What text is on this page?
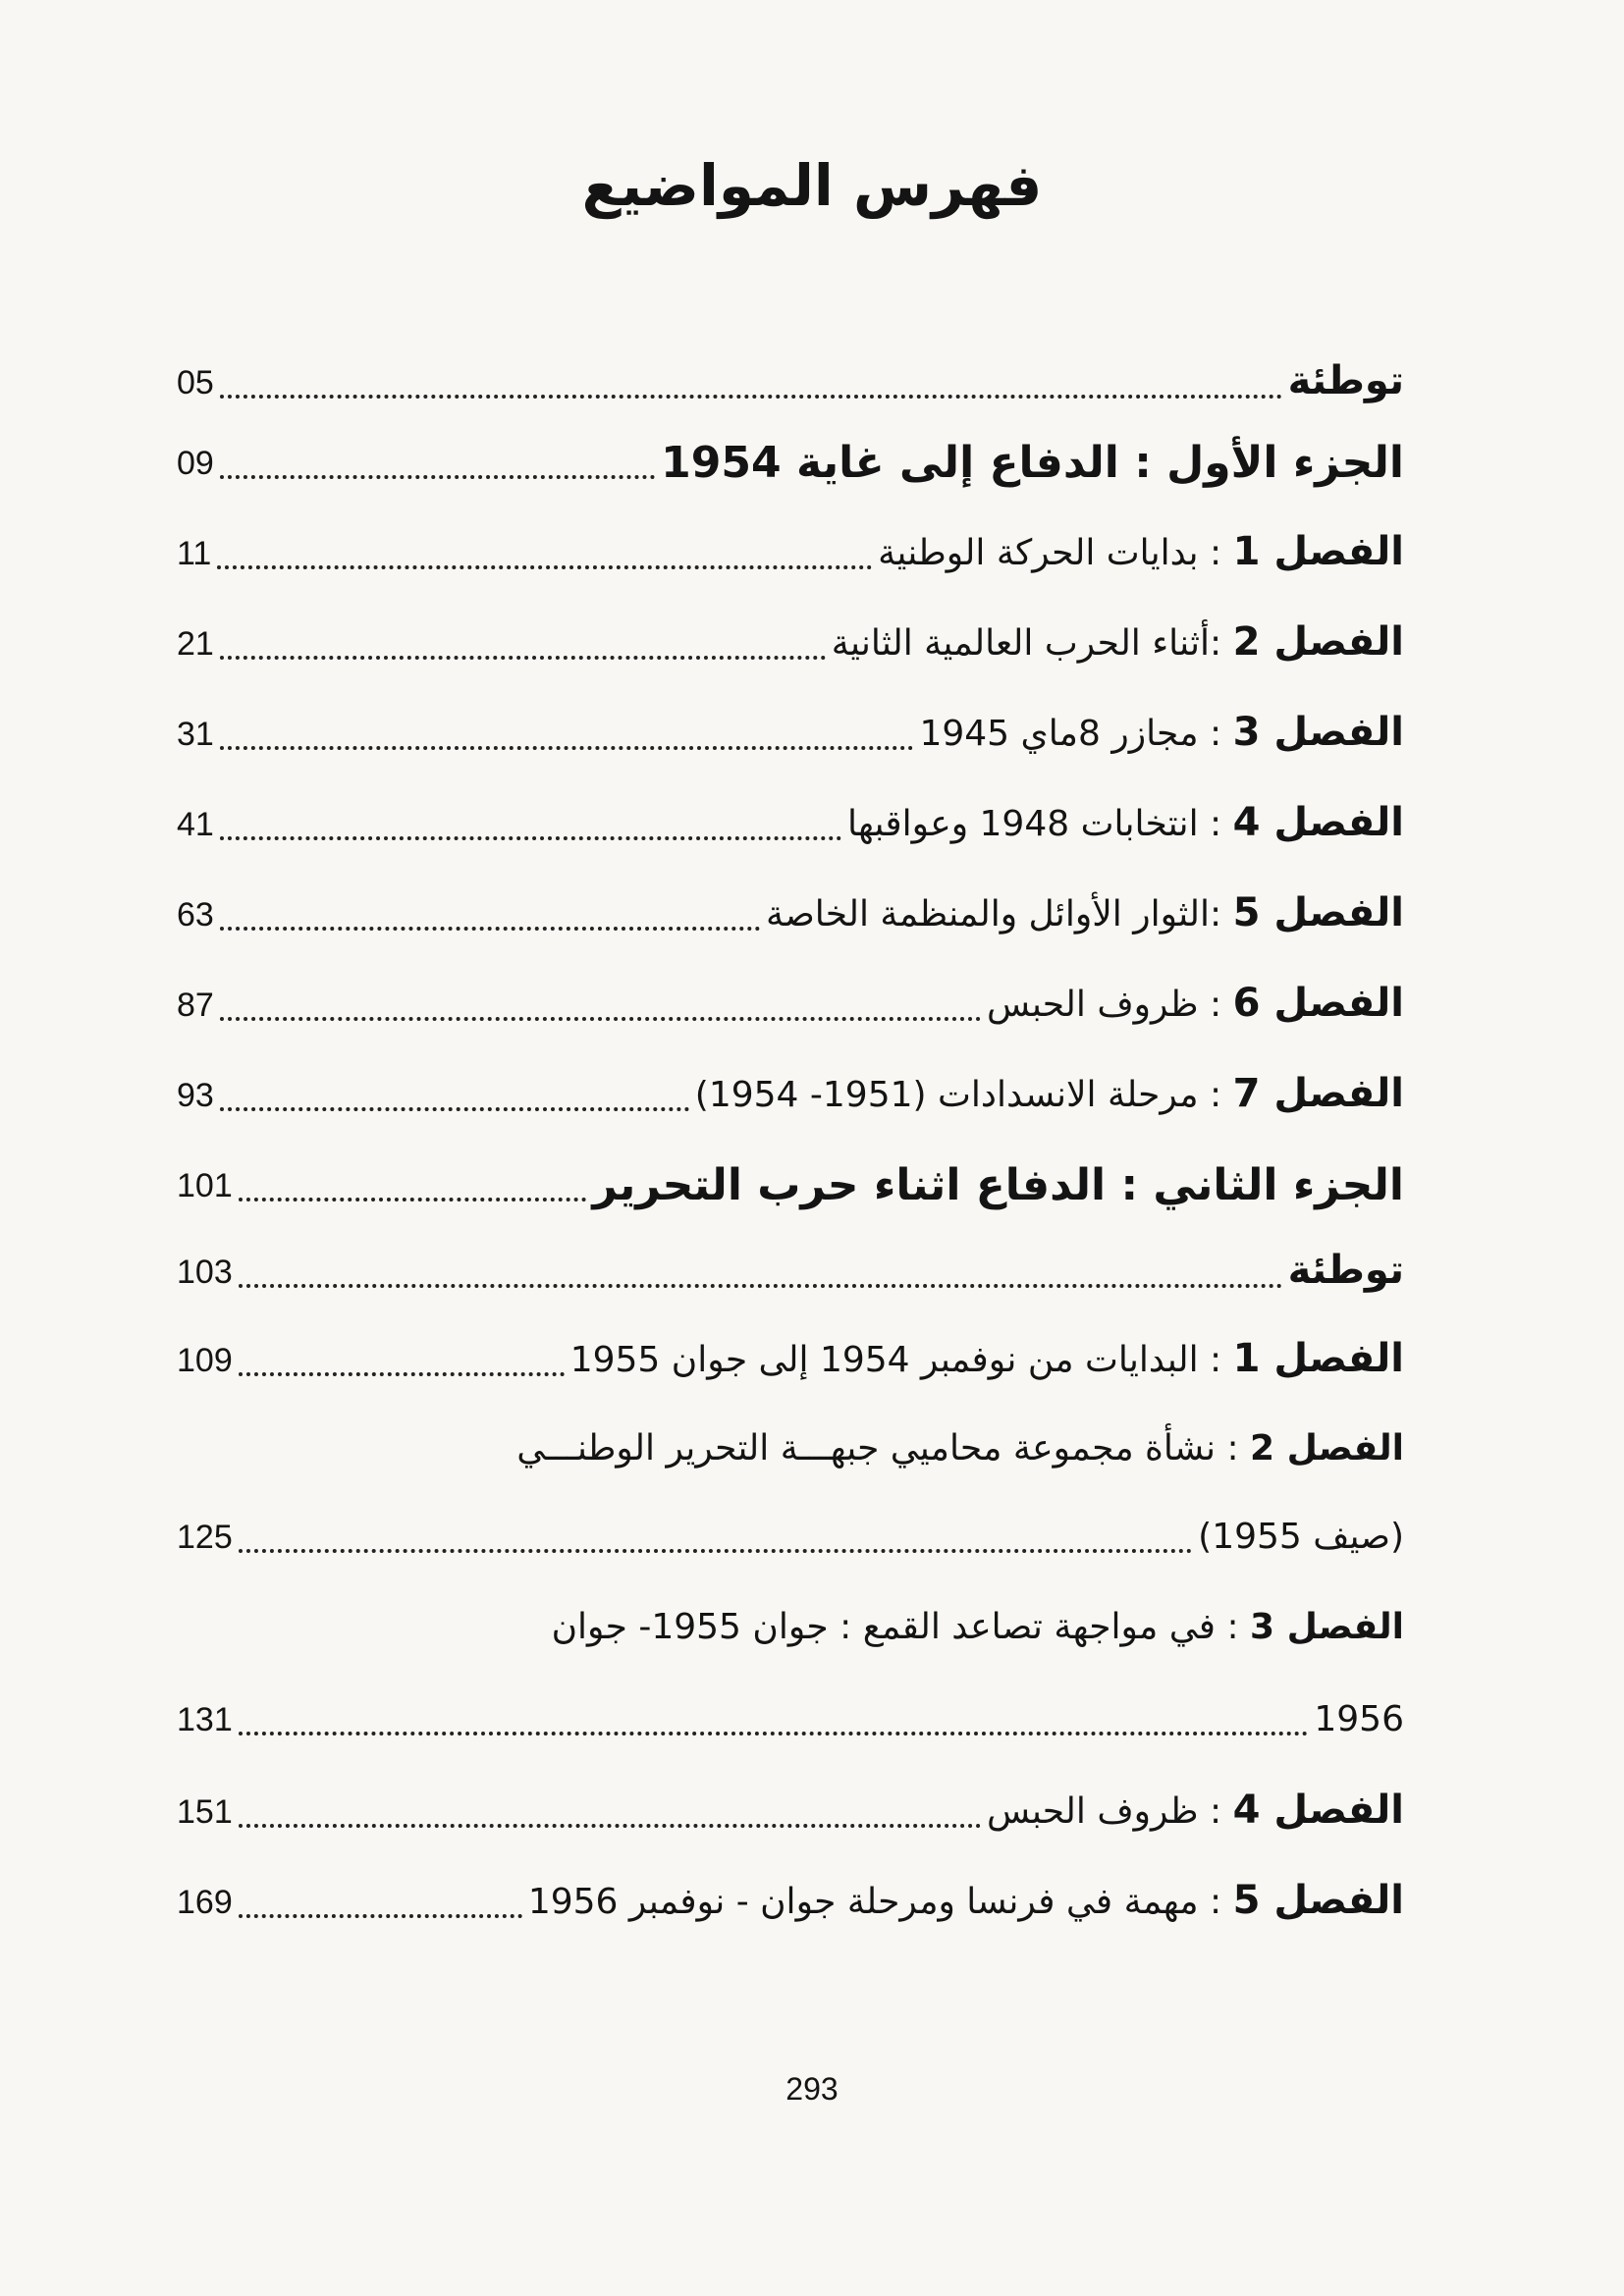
فهرس المواضيع
توطئة
05
الجزء الأول : الدفاع إلى غاية 1954
09
الفصل 1 : بدايات الحركة الوطنية
11
الفصل 2 :أثناء الحرب العالمية الثانية
21
الفصل 3 : مجازر 8ماي 1945
31
الفصل 4 : انتخابات 1948 وعواقبها
41
الفصل 5 :الثوار الأوائل والمنظمة الخاصة
63
الفصل 6 : ظروف الحبس
87
الفصل 7 : مرحلة الانسدادات (1951- 1954)
93
الجزء الثاني : الدفاع اثناء حرب التحرير
101
توطئة
103
الفصل 1 : البدايات من نوفمبر 1954 إلى جوان 1955
109
الفصل 2 : نشأة مجموعة محاميي جبهـــة التحرير الوطنـــي
(صيف 1955)
125
الفصل 3 : في مواجهة تصاعد القمع : جوان 1955- جوان
1956
131
الفصل 4 : ظروف الحبس
151
الفصل 5 : مهمة في فرنسا ومرحلة جوان - نوفمبر 1956
169
293
